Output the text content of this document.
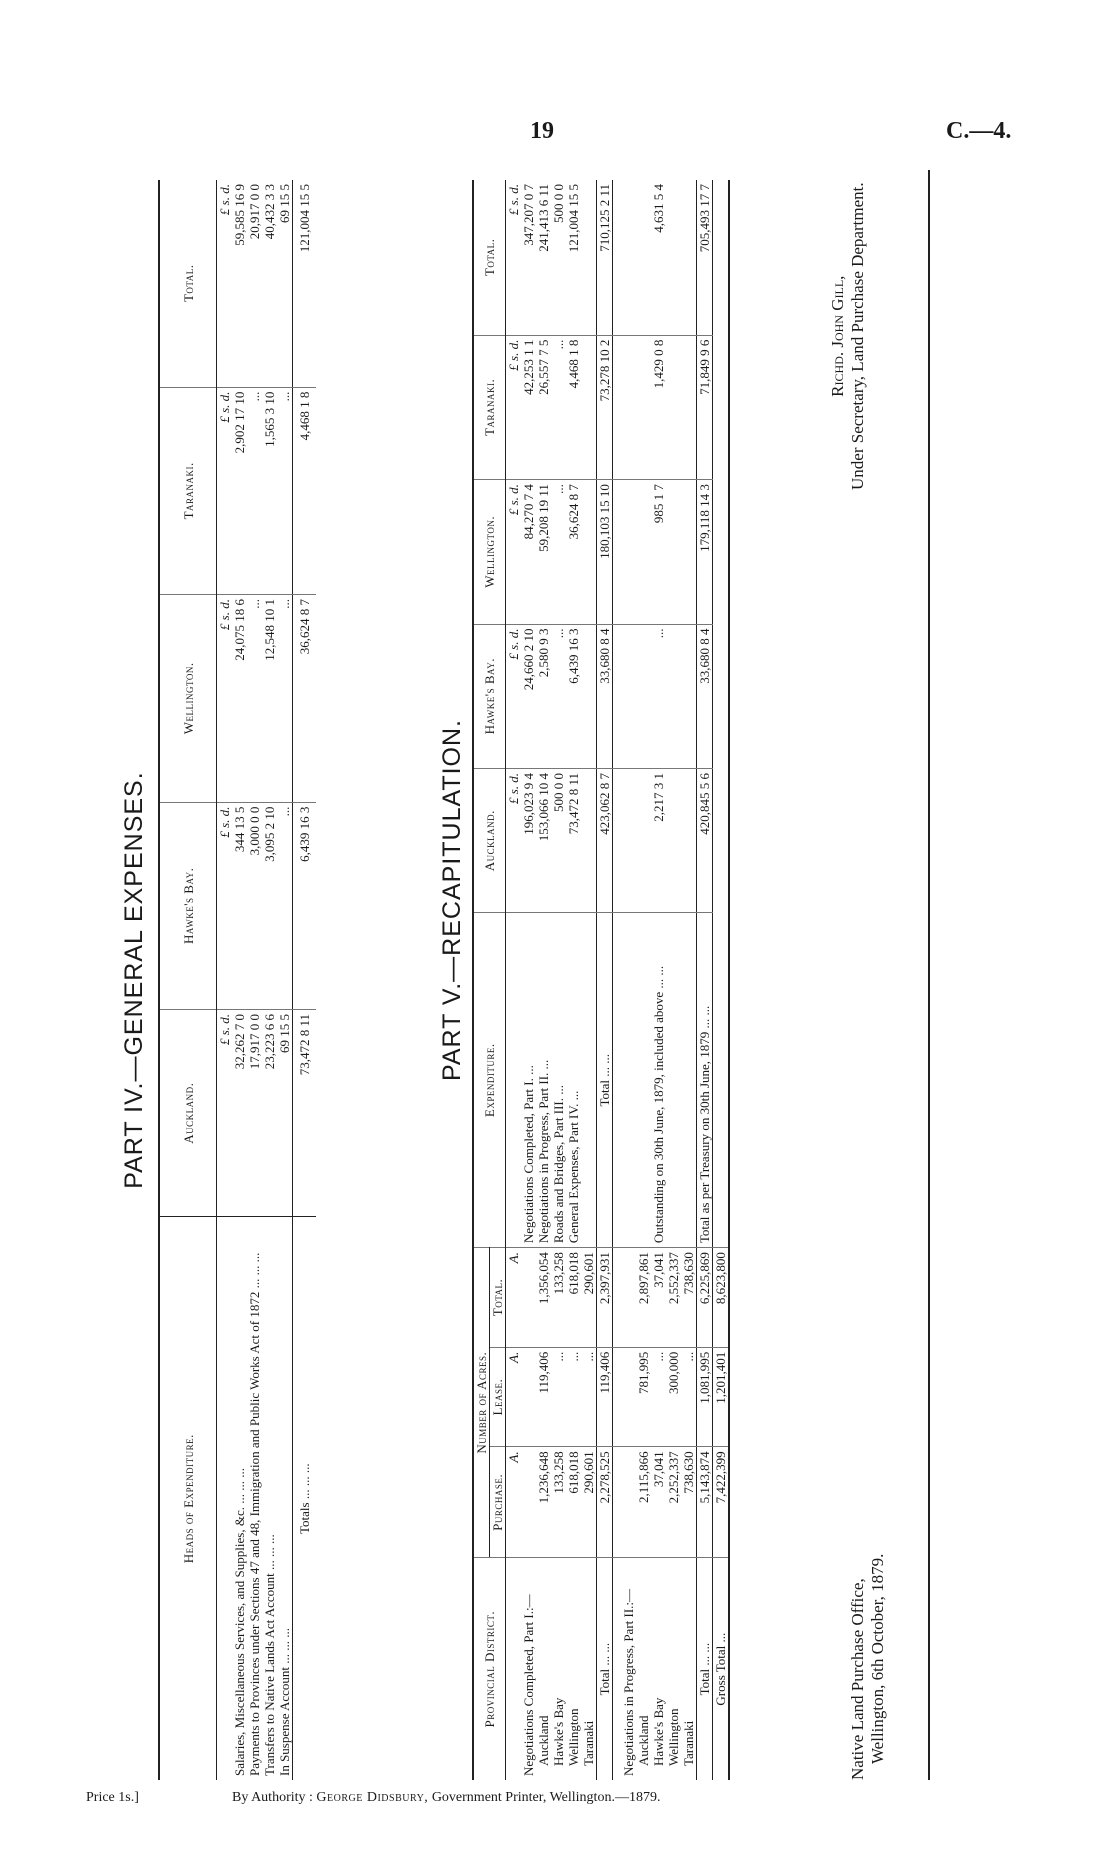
19	C.—4.
PART IV.—GENERAL EXPENSES.
Heads of Expenditure.	Auckland.	Hawke's Bay.	Wellington.	Taranaki.	Total.
	£ s. d.	£ s. d.	£ s. d.	£ s. d.	£ s. d.
Salaries, Miscellaneous Services, and Supplies, &c. ... ... ...	32,262 7 0	344 13 5	24,075 18 6	2,902 17 10	59,585 16 9
Payments to Provinces under Sections 47 and 48, Immigration and Public Works Act of 1872 ... ... ...	17,917 0 0	3,000 0 0	...	...	20,917 0 0
Transfers to Native Lands Act Account ... ... ...	23,223 6 6	3,095 2 10	12,548 10 1	1,565 3 10	40,432 3 3
In Suspense Account ... ... ...	69 15 5	...	...	...	69 15 5
Totals ... ... ...	73,472 8 11	6,439 16 3	36,624 8 7	4,468 1 8	121,004 15 5
PART V.—RECAPITULATION.
Provincial District.	Number of Acres.			Expenditure.	Auckland.	Hawke's Bay.	Wellington.	Taranaki.	Total.
	Purchase.	Lease.	Total.						
	A.	A.	A.		£ s. d.	£ s. d.	£ s. d.	£ s. d.	£ s. d.
Negotiations Completed, Part I.:—				Negotiations Completed, Part I. ...	196,023 9 4	24,660 2 10	84,270 7 4	42,253 1 1	347,207 0 7
Auckland	1,236,648	119,406	1,356,054	Negotiations in Progress, Part II. ...	153,066 10 4	2,580 9 3	59,208 19 11	26,557 7 5	241,413 6 11
Hawke's Bay	133,258	...	133,258	Roads and Bridges, Part III. ...	500 0 0	...	...	...	500 0 0
Wellington	618,018	...	618,018	General Expenses, Part IV. ...	73,472 8 11	6,439 16 3	36,624 8 7	4,468 1 8	121,004 15 5
Taranaki	290,601	...	290,601						
Total ... ...	2,278,525	119,406	2,397,931	Total ... ...	423,062 8 7	33,680 8 4	180,103 15 10	73,278 10 2	710,125 2 11
Negotiations in Progress, Part II.:—									
Auckland	2,115,866	781,995	2,897,861						
Hawke's Bay	37,041	...	37,041	Outstanding on 30th June, 1879, included above ... ...	2,217 3 1	...	985 1 7	1,429 0 8	4,631 5 4
Wellington	2,252,337	300,000	2,552,337						
Taranaki	738,630	...	738,630						
Total ... ...	5,143,874	1,081,995	6,225,869	Total as per Treasury on 30th June, 1879 ... ...	420,845 5 6	33,680 8 4	179,118 14 3	71,849 9 6	705,493 17 7
Gross Total ...	7,422,399	1,201,401	8,623,800						
Native Land Purchase Office, Wellington, 6th October, 1879.
Richd. John Gill, Under Secretary, Land Purchase Department.
Price 1s.]	By Authority : George Didsbury, Government Printer, Wellington.—1879.
